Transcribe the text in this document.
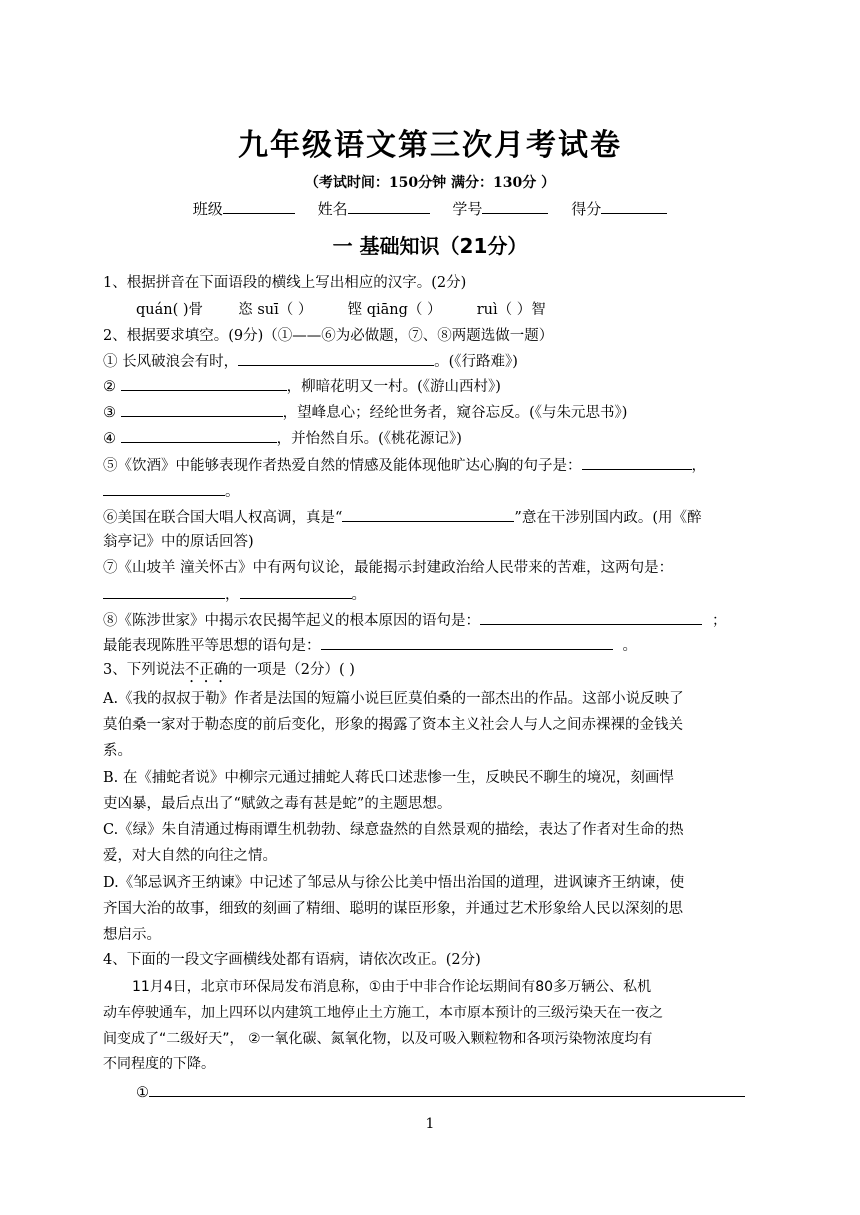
九年级语文第三次月考试卷
（考试时间：150分钟 满分：130分 ）
班级	姓名	学号	得分
一 基础知识（21分）
1、根据拼音在下面语段的横线上写出相应的汉字。(2分)
quán( )骨 恣 suī（ ） 铿 qiāng（ ） ruì（ ）智
2、根据要求填空。(9分)（①——⑥为必做题，⑦、⑧两题选做一题）
① 长风破浪会有时，	。(《行路难》)
②	，柳暗花明又一村。(《游山西村》)
③	，望峰息心；经纶世务者，窥谷忘反。(《与朱元思书》)
④	，并怡然自乐。(《桃花源记》)
⑤《饮酒》中能够表现作者热爱自然的情感及能体现他旷达心胸的句子是：	，
。
⑥美国在联合国大唱人权高调，真是“	”意在干涉别国内政。(用《醉
翁亭记》中的原话回答)
⑦《山坡羊 潼关怀古》中有两句议论，最能揭示封建政治给人民带来的苦难，这两句是：
，	。
⑧《陈涉世家》中揭示农民揭竿起义的根本原因的语句是：	；
最能表现陈胜平等思想的语句是：	。
3、下列说法不正确的一项是（2分）( )
A.《我的叔叔于勒》作者是法国的短篇小说巨匠莫伯桑的一部杰出的作品。这部小说反映了
莫伯桑一家对于勒态度的前后变化，形象的揭露了资本主义社会人与人之间赤裸裸的金钱关
系。
B. 在《捕蛇者说》中柳宗元通过捕蛇人蒋氏口述悲惨一生，反映民不聊生的境况，刻画悍
吏凶暴，最后点出了“赋敛之毒有甚是蛇”的主题思想。
C.《绿》朱自清通过梅雨谭生机勃勃、绿意盎然的自然景观的描绘，表达了作者对生命的热
爱，对大自然的向往之情。
D.《邹忌讽齐王纳谏》中记述了邹忌从与徐公比美中悟出治国的道理，进讽谏齐王纳谏，使
齐国大治的故事，细致的刻画了精细、聪明的谋臣形象，并通过艺术形象给人民以深刻的思
想启示。
4、下面的一段文字画横线处都有语病，请依次改正。(2分)
11月4日，北京市环保局发布消息称，①由于中非合作论坛期间有80多万辆公、私机
动车停驶通车，加上四环以内建筑工地停止土方施工，本市原本预计的三级污染天在一夜之
间变成了“二级好天”， ②一氧化碳、氮氧化物，以及可吸入颗粒物和各项污染物浓度均有
不同程度的下降。
①
1
